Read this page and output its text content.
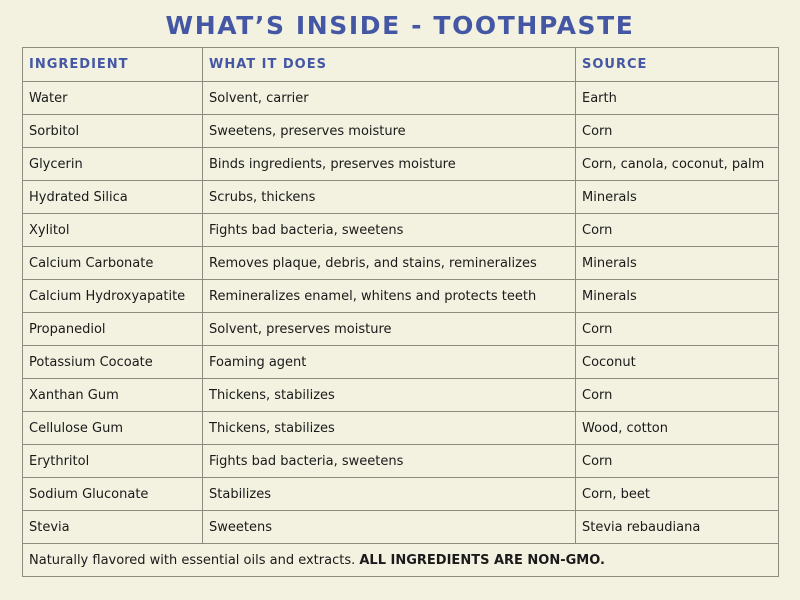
WHAT’S INSIDE - TOOTHPASTE
INGREDIENT	WHAT IT DOES	SOURCE
Water	Solvent, carrier	Earth
Sorbitol	Sweetens, preserves moisture	Corn
Glycerin	Binds ingredients, preserves moisture	Corn, canola, coconut, palm
Hydrated Silica	Scrubs, thickens	Minerals
Xylitol	Fights bad bacteria, sweetens	Corn
Calcium Carbonate	Removes plaque, debris, and stains, remineralizes	Minerals
Calcium Hydroxyapatite	Remineralizes enamel, whitens and protects teeth	Minerals
Propanediol	Solvent, preserves moisture	Corn
Potassium Cocoate	Foaming agent	Coconut
Xanthan Gum	Thickens, stabilizes	Corn
Cellulose Gum	Thickens, stabilizes	Wood, cotton
Erythritol	Fights bad bacteria, sweetens	Corn
Sodium Gluconate	Stabilizes	Corn, beet
Stevia	Sweetens	Stevia rebaudiana
Naturally flavored with essential oils and extracts. ALL INGREDIENTS ARE NON-GMO.		
